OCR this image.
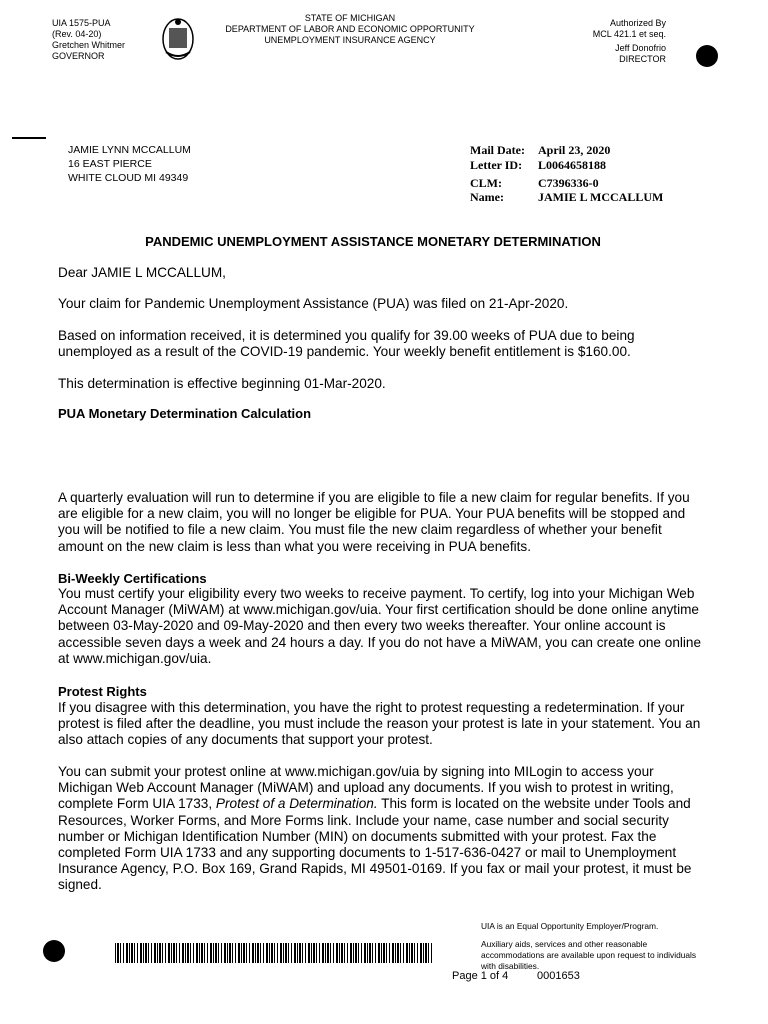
UIA 1575-PUA
(Rev. 04-20)
Gretchen Whitmer
GOVERNOR
STATE OF MICHIGAN
DEPARTMENT OF LABOR AND ECONOMIC OPPORTUNITY
UNEMPLOYMENT INSURANCE AGENCY
Authorized By
MCL 421.1 et seq.
Jeff Donofrio
DIRECTOR
JAMIE LYNN MCCALLUM
16 EAST PIERCE
WHITE CLOUD MI 49349
Mail Date: April 23, 2020
Letter ID: L0064658188
CLM:	C7396336-0
Name:	JAMIE L MCCALLUM
PANDEMIC UNEMPLOYMENT ASSISTANCE MONETARY DETERMINATION
Dear JAMIE L MCCALLUM,
Your claim for Pandemic Unemployment Assistance (PUA) was filed on 21-Apr-2020.
Based on information received, it is determined you qualify for 39.00 weeks of PUA due to being unemployed as a result of the COVID-19 pandemic. Your weekly benefit entitlement is $160.00.
This determination is effective beginning 01-Mar-2020.
PUA Monetary Determination Calculation
A quarterly evaluation will run to determine if you are eligible to file a new claim for regular benefits. If you are eligible for a new claim, you will no longer be eligible for PUA. Your PUA benefits will be stopped and you will be notified to file a new claim. You must file the new claim regardless of whether your benefit amount on the new claim is less than what you were receiving in PUA benefits.
Bi-Weekly Certifications
You must certify your eligibility every two weeks to receive payment. To certify, log into your Michigan Web Account Manager (MiWAM) at www.michigan.gov/uia. Your first certification should be done online anytime between 03-May-2020 and 09-May-2020 and then every two weeks thereafter. Your online account is accessible seven days a week and 24 hours a day. If you do not have a MiWAM, you can create one online at www.michigan.gov/uia.
Protest Rights
If you disagree with this determination, you have the right to protest requesting a redetermination. If your protest is filed after the deadline, you must include the reason your protest is late in your statement. You an also attach copies of any documents that support your protest.
You can submit your protest online at www.michigan.gov/uia by signing into MILogin to access your Michigan Web Account Manager (MiWAM) and upload any documents. If you wish to protest in writing, complete Form UIA 1733, Protest of a Determination. This form is located on the website under Tools and Resources, Worker Forms, and More Forms link. Include your name, case number and social security number or Michigan Identification Number (MIN) on documents submitted with your protest. Fax the completed Form UIA 1733 and any supporting documents to 1-517-636-0427 or mail to Unemployment Insurance Agency, P.O. Box 169, Grand Rapids, MI 49501-0169. If you fax or mail your protest, it must be signed.
UIA is an Equal Opportunity Employer/Program.
Auxiliary aids, services and other reasonable accommodations are available upon request to individuals with disabilities.
Page 1 of 4	0001653
